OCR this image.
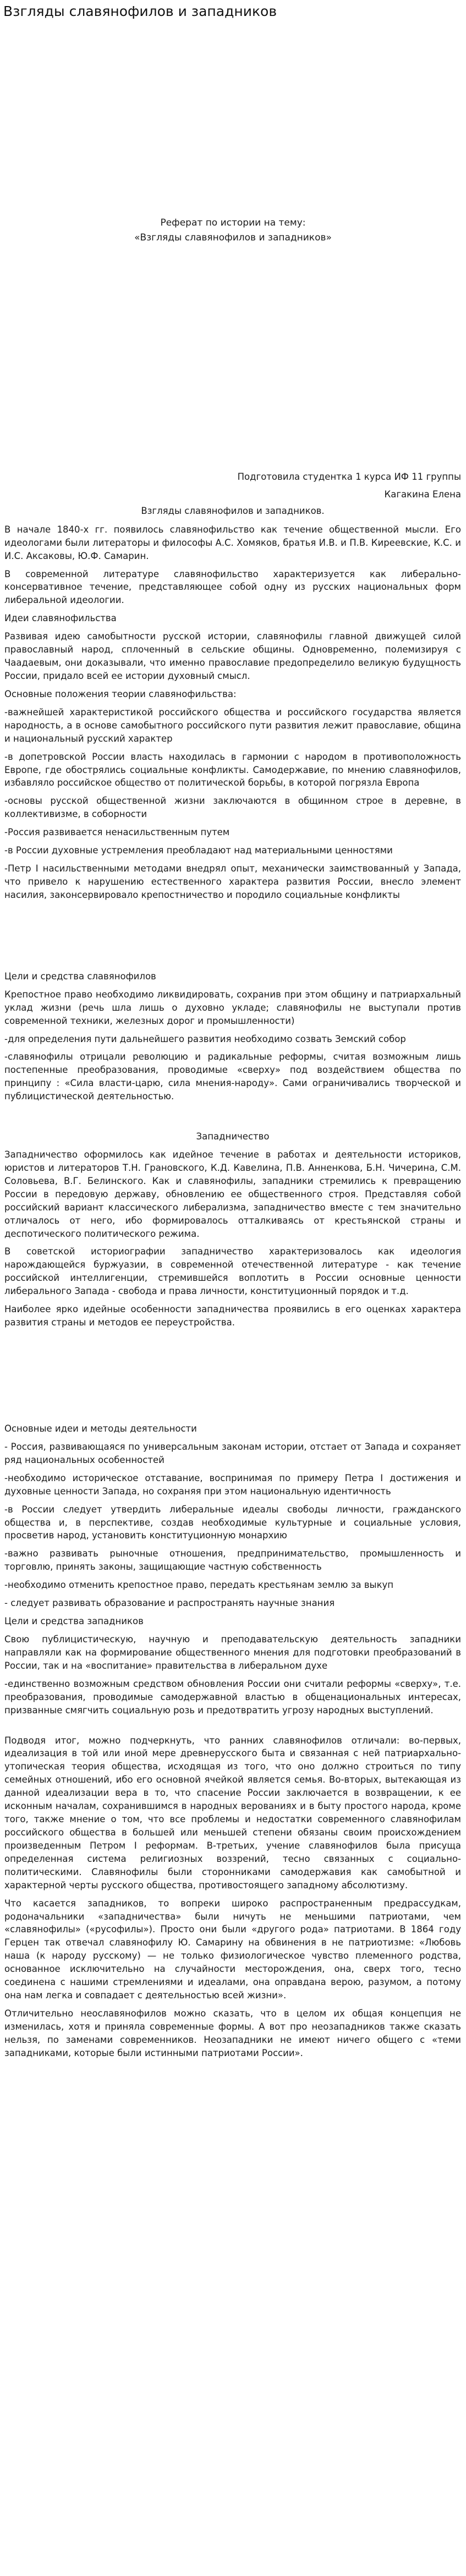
Взгляды славянофилов и западников
Реферат по истории на тему:
«Взгляды славянофилов и западников»
Подготовила студентка 1 курса ИФ 11 группы
Кагакина Елена
Взгляды славянофилов и западников.

В начале 1840-х гг. появилось славянофильство как течение общественной мысли. Его идеологами были литераторы и философы А.С. Хомяков, братья И.В. и П.В. Киреевские, К.С. и И.С. Аксаковы, Ю.Ф. Самарин.

В современной литературе славянофильство характеризуется как либерально-консервативное течение, представляющее собой одну из русских национальных форм либеральной идеологии.

Идеи славянофильства

Развивая идею самобытности русской истории, славянофилы главной движущей силой православный народ, сплоченный в сельские общины. Одновременно, полемизируя с Чаадаевым, они доказывали, что именно православие предопределило великую будущность России, придало всей ее истории духовный смысл.

Основные положения теории славянофильства:

-важнейшей характеристикой российского общества и российского государства является народность, а в основе самобытного российского пути развития лежит православие, община и национальный русский характер

-в допетровской России власть находилась в гармонии с народом в противоположность Европе, где обострялись социальные конфликты. Самодержавие, по мнению славянофилов, избавляло российское общество от политической борьбы, в которой погрязла Европа

-основы русской общественной жизни заключаются в общинном строе в деревне, в коллективизме, в соборности

-Россия развивается ненасильственным путем

-в России духовные устремления преобладают над материальными ценностями

-Петр I насильственными методами внедрял опыт, механически заимствованный у Запада, что привело к нарушению естественного характера развития России, внесло элемент насилия, законсервировало крепостничество и породило социальные конфликты

Цели и средства славянофилов

Крепостное право необходимо ликвидировать, сохранив при этом общину и патриархальный уклад жизни (речь шла лишь о духовно укладе; славянофилы не выступали против современной техники, железных дорог и промышленности)

-для определения пути дальнейшего развития необходимо созвать Земский собор

-славянофилы отрицали революцию и радикальные реформы, считая возможным лишь постепенные преобразования, проводимые «сверху» под воздействием общества по принципу : «Сила власти-царю, сила мнения-народу». Сами ограничивались творческой и публицистической деятельностью.

Западничество

Западничество оформилось как идейное течение в работах и деятельности историков, юристов и литераторов Т.Н. Грановского, К.Д. Кавелина, П.В. Анненкова, Б.Н. Чичерина, С.М. Соловьева, В.Г. Белинского. Как и славянофилы, западники стремились к превращению России в передовую державу, обновлению ее общественного строя. Представляя собой российский вариант классического либерализма, западничество вместе с тем значительно отличалось от него, ибо формировалось отталкиваясь от крестьянской страны и деспотического политического режима.

В советской историографии западничество характеризовалось как идеология нарождающейся буржуазии, в современной отечественной литературе - как течение российской интеллигенции, стремившейся воплотить в России основные ценности либерального Запада - свобода и права личности, конституционный порядок и т.д.

Наиболее ярко идейные особенности западничества проявились в его оценках характера развития страны и методов ее переустройства.

Основные идеи и методы деятельности

- Россия, развивающаяся по универсальным законам истории, отстает от Запада и сохраняет ряд национальных особенностей

-необходимо историческое отставание, воспринимая по примеру Петра I достижения и духовные ценности Запада, но сохраняя при этом национальную идентичность

-в России следует утвердить либеральные идеалы свободы личности, гражданского общества и, в перспективе, создав необходимые культурные и социальные условия, просветив народ, установить конституционную монархию

-важно развивать рыночные отношения, предпринимательство, промышленность и торговлю, принять законы, защищающие частную собственность

-необходимо отменить крепостное право, передать крестьянам землю за выкуп

- следует развивать образование и распространять научные знания

Цели и средства западников

Свою публицистическую, научную и преподавательскую деятельность западники направляли как на формирование общественного мнения для подготовки преобразований в России, так и на «воспитание» правительства в либеральном духе

-единственно возможным средством обновления России они считали реформы «сверху», т.е. преобразования, проводимые самодержавной властью в общенациональных интересах, призванные смягчить социальную розь и предотвратить угрозу народных выступлений.

Подводя итог, можно подчеркнуть, что ранних славянофилов отличали: во-первых, идеализация в той или иной мере древнерусского быта и связанная с ней патриархально-утопическая теория общества, исходящая из того, что оно должно строиться по типу семейных отношений, ибо его основной ячейкой является семья. Во-вторых, вытекающая из данной идеализации вера в то, что спасение России заключается в возвращении, к ее исконным началам, сохранившимся в народных верованиях и в быту простого народа, кроме того, также мнение о том, что все проблемы и недостатки современного славянофилам российского общества в большей или меньшей степени обязаны своим происхождением произведенным Петром I реформам. В-третьих, учение славянофилов была присуща определенная система религиозных воззрений, тесно связанных с социально-политическими. Славянофилы были сторонниками самодержавия как самобытной и характерной черты русского общества, противостоящего западному абсолютизму.

Что касается западников, то вопреки широко распространенным предрассудкам, родоначальники «западничества» были ничуть не меньшими патриотами, чем «славянофилы» («русофилы»). Просто они были «другого рода» патриотами. В 1864 году Герцен так отвечал славянофилу Ю. Самарину на обвинения в не патриотизме: «Любовь наша (к народу русскому) — не только физиологическое чувство племенного родства, основанное исключительно на случайности месторождения, она, сверх того, тесно соединена с нашими стремлениями и идеалами, она оправдана верою, разумом, а потому она нам легка и совпадает с деятельностью всей жизни».

Отличительно неославянофилов можно сказать, что в целом их общая концепция не изменилась, хотя и приняла современные формы. А вот про неозападников также сказать нельзя, по заменами современников. Неозападники не имеют ничего общего с «теми западниками, которые были истинными патриотами России».
